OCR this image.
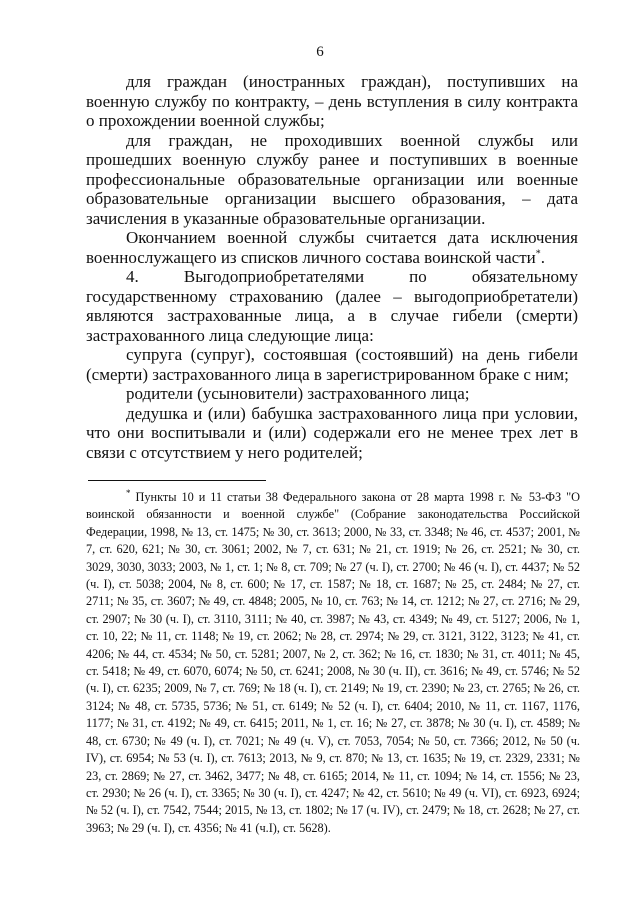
6

для граждан (иностранных граждан), поступивших на военную службу по контракту, – день вступления в силу контракта о прохождении военной службы;

для граждан, не проходивших военной службы или прошедших военную службу ранее и поступивших в военные профессиональные образовательные организации или военные образовательные организации высшего образования, – дата зачисления в указанные образовательные организации.

Окончанием военной службы считается дата исключения военнослужащего из списков личного состава воинской части*.

4. Выгодоприобретателями по обязательному государственному страхованию (далее – выгодоприобретатели) являются застрахованные лица, а в случае гибели (смерти) застрахованного лица следующие лица:

супруга (супруг), состоявшая (состоявший) на день гибели (смерти) застрахованного лица в зарегистрированном браке с ним;

родители (усыновители) застрахованного лица;

дедушка и (или) бабушка застрахованного лица при условии, что они воспитывали и (или) содержали его не менее трех лет в связи с отсутствием у него родителей;

* Пункты 10 и 11 статьи 38 Федерального закона от 28 марта 1998 г. № 53-ФЗ "О воинской обязанности и военной службе" (Собрание законодательства Российской Федерации, 1998, № 13, ст. 1475; № 30, ст. 3613; 2000, № 33, ст. 3348; № 46, ст. 4537; 2001, № 7, ст. 620, 621; № 30, ст. 3061; 2002, № 7, ст. 631; № 21, ст. 1919; № 26, ст. 2521; № 30, ст. 3029, 3030, 3033; 2003, № 1, ст. 1; № 8, ст. 709; № 27 (ч. I), ст. 2700; № 46 (ч. I), ст. 4437; № 52 (ч. I), ст. 5038; 2004, № 8, ст. 600; № 17, ст. 1587; № 18, ст. 1687; № 25, ст. 2484; № 27, ст. 2711; № 35, ст. 3607; № 49, ст. 4848; 2005, № 10, ст. 763; № 14, ст. 1212; № 27, ст. 2716; № 29, ст. 2907; № 30 (ч. I), ст. 3110, 3111; № 40, ст. 3987; № 43, ст. 4349; № 49, ст. 5127; 2006, № 1, ст. 10, 22; № 11, ст. 1148; № 19, ст. 2062; № 28, ст. 2974; № 29, ст. 3121, 3122, 3123; № 41, ст. 4206; № 44, ст. 4534; № 50, ст. 5281; 2007, № 2, ст. 362; № 16, ст. 1830; № 31, ст. 4011; № 45, ст. 5418; № 49, ст. 6070, 6074; № 50, ст. 6241; 2008, № 30 (ч. II), ст. 3616; № 49, ст. 5746; № 52 (ч. I), ст. 6235; 2009, № 7, ст. 769; № 18 (ч. I), ст. 2149; № 19, ст. 2390; № 23, ст. 2765; № 26, ст. 3124; № 48, ст. 5735, 5736; № 51, ст. 6149; № 52 (ч. I), ст. 6404; 2010, № 11, ст. 1167, 1176, 1177; № 31, ст. 4192; № 49, ст. 6415; 2011, № 1, ст. 16; № 27, ст. 3878; № 30 (ч. I), ст. 4589; № 48, ст. 6730; № 49 (ч. I), ст. 7021; № 49 (ч. V), ст. 7053, 7054; № 50, ст. 7366; 2012, № 50 (ч. IV), ст. 6954; № 53 (ч. I), ст. 7613; 2013, № 9, ст. 870; № 13, ст. 1635; № 19, ст. 2329, 2331; № 23, ст. 2869; № 27, ст. 3462, 3477; № 48, ст. 6165; 2014, № 11, ст. 1094; № 14, ст. 1556; № 23, ст. 2930; № 26 (ч. I), ст. 3365; № 30 (ч. I), ст. 4247; № 42, ст. 5610; № 49 (ч. VI), ст. 6923, 6924; № 52 (ч. I), ст. 7542, 7544; 2015, № 13, ст. 1802; № 17 (ч. IV), ст. 2479; № 18, ст. 2628; № 27, ст. 3963; № 29 (ч. I), ст. 4356; № 41 (ч.I), ст. 5628).
